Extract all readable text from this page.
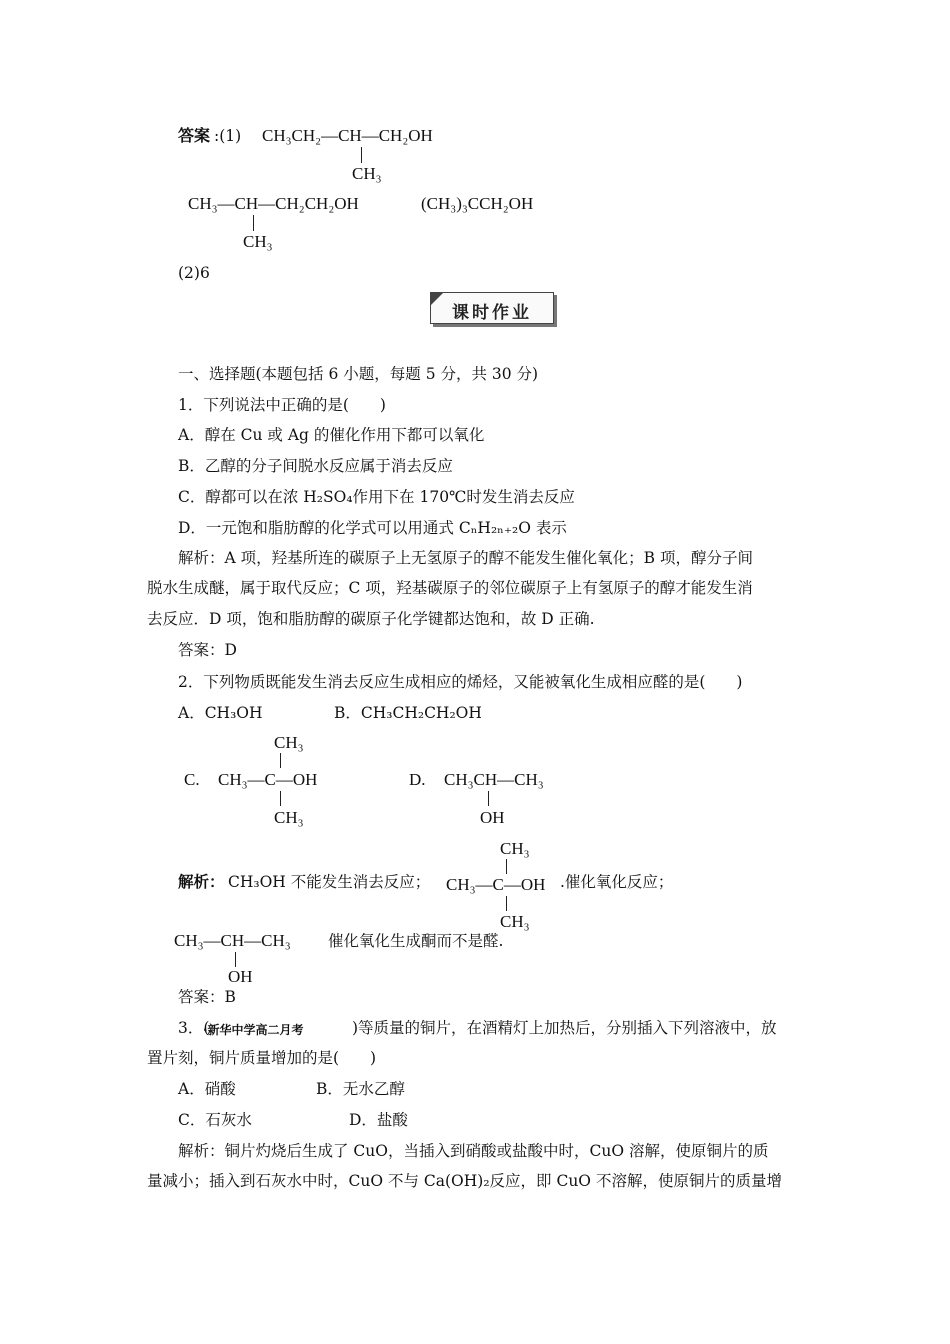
答案 :(1) CH₃CH₂—CH—CH₂OH
CH₃
CH₃—CH—CH₂CH₂OH
CH₃
(CH₃)₃CCH₂OH
(2)6
课时作业
一、选择题(本题包括 6 小题，每题 5 分，共 30 分)
1．下列说法中正确的是(　　)
A．醇在 Cu 或 Ag 的催化作用下都可以氧化
B．乙醇的分子间脱水反应属于消去反应
C．醇都可以在浓 H₂SO₄作用下在 170℃时发生消去反应
D．一元饱和脂肪醇的化学式可以用通式 CₙH₂ₙ₊₂O 表示
解析：A 项，羟基所连的碳原子上无氢原子的醇不能发生催化氧化；B 项，醇分子间
脱水生成醚，属于取代反应；C 项，羟基碳原子的邻位碳原子上有氢原子的醇才能发生消
去反应．D 项，饱和脂肪醇的碳原子化学键都达饱和，故 D 正确.
答案：D
2．下列物质既能发生消去反应生成相应的烯烃，又能被氧化生成相应醛的是(　　)
A．CH₃OH	B．CH₃CH₂CH₂OH
CH₃
C. CH₃—C—OH
CH₃
D. CH₃CH—CH₃
OH
解析： CH₃OH 不能发生消去反应；
CH₃
CH₃—C—OH
CH₃
.催化氧化反应；
CH₃—CH—CH₃
OH
催化氧化生成酮而不是醛.
答案：B
3．(
·新华中学高二月考	)等质量的铜片，在酒精灯上加热后，分别插入下列溶液中，放
置片刻，铜片质量增加的是(　　)
A．硝酸	B．无水乙醇
C．石灰水	D．盐酸
解析：铜片灼烧后生成了 CuO，当插入到硝酸或盐酸中时，CuO 溶解，使原铜片的质
量减小；插入到石灰水中时，CuO 不与 Ca(OH)₂反应，即 CuO 不溶解，使原铜片的质量增
